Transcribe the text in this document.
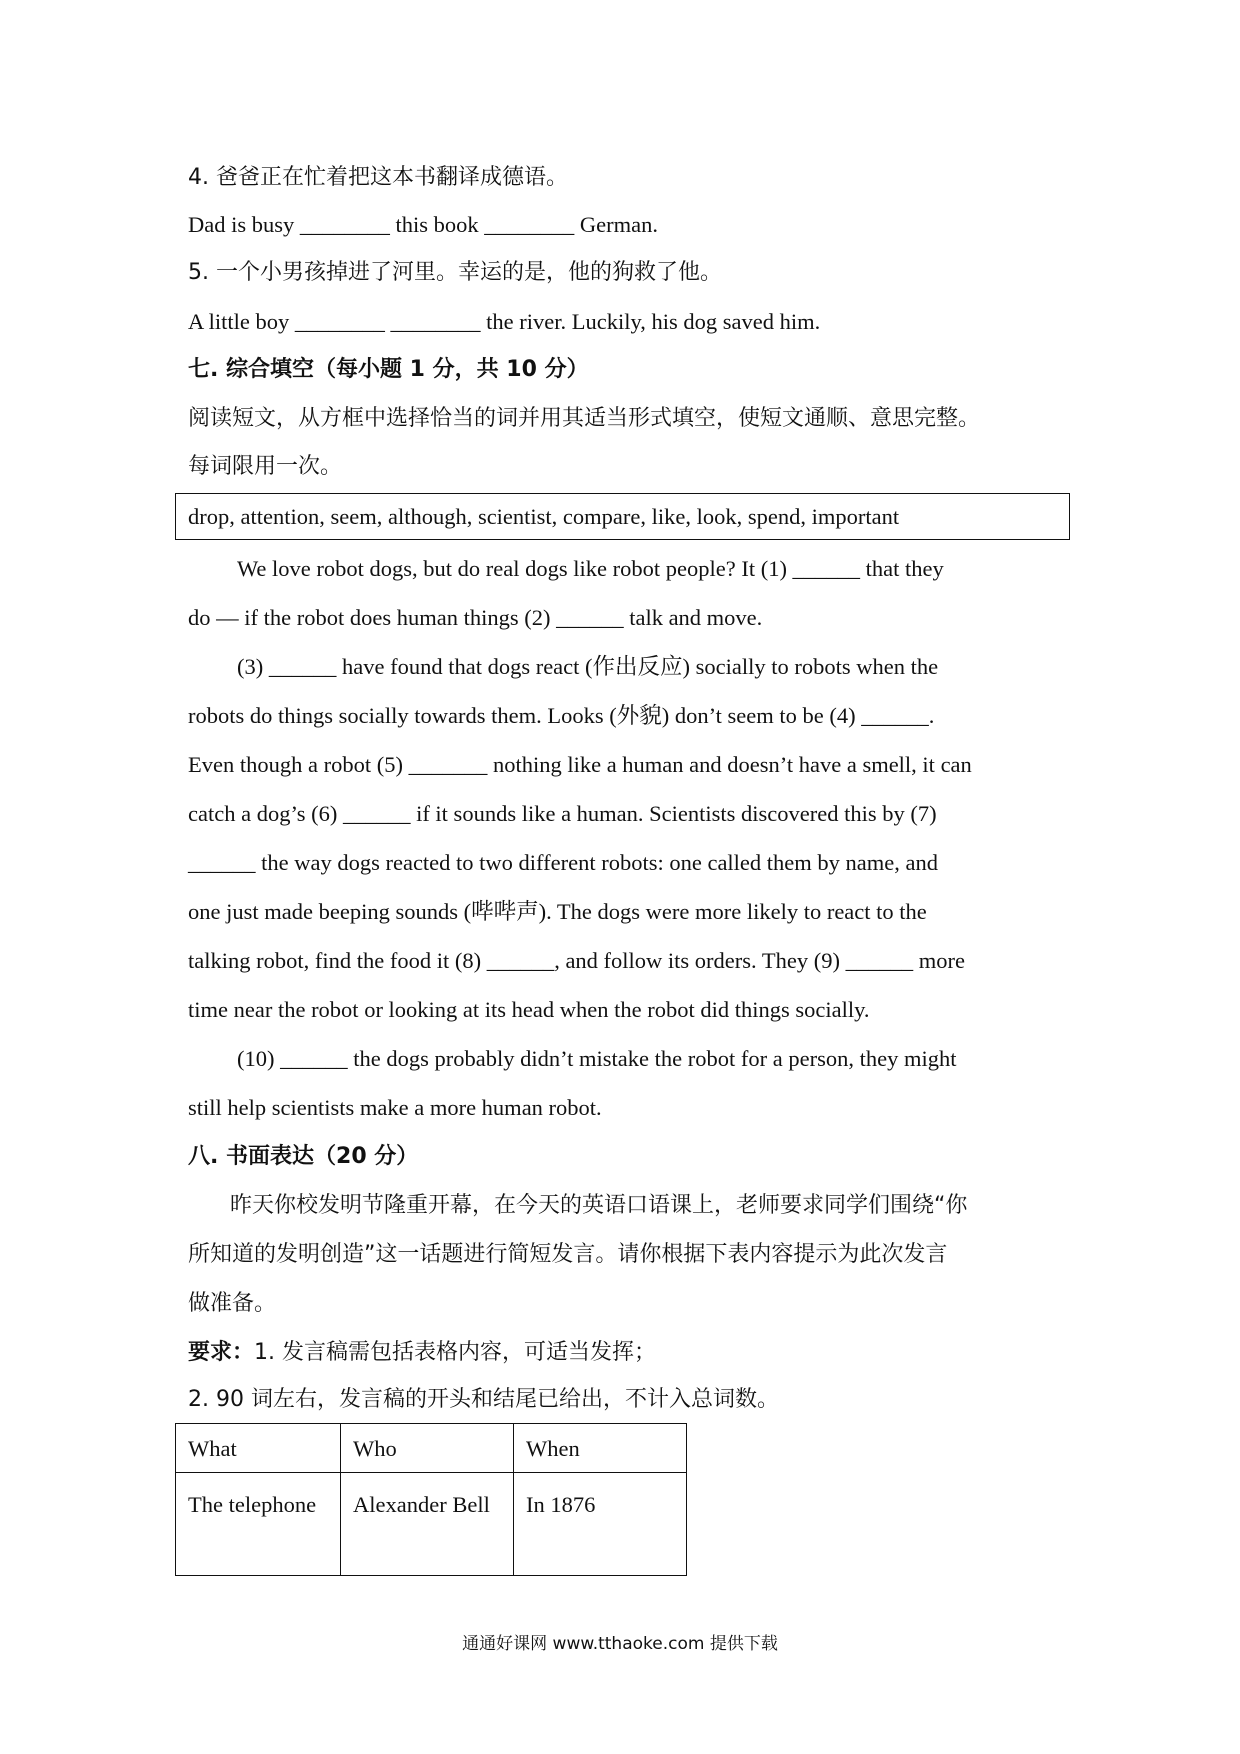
4. 爸爸正在忙着把这本书翻译成德语。
Dad is busy ________ this book ________ German.
5. 一个小男孩掉进了河里。幸运的是，他的狗救了他。
A little boy ________ ________ the river. Luckily, his dog saved him.
七. 综合填空（每小题 1 分，共 10 分）
阅读短文，从方框中选择恰当的词并用其适当形式填空，使短文通顺、意思完整。
每词限用一次。
drop, attention, seem, although, scientist, compare, like, look, spend, important
We love robot dogs, but do real dogs like robot people? It (1) ______ that they
do — if the robot does human things (2) ______ talk and move.
(3) ______ have found that dogs react (作出反应) socially to robots when the
robots do things socially towards them. Looks (外貌) don’t seem to be (4) ______.
Even though a robot (5) _______ nothing like a human and doesn’t have a smell, it can
catch a dog’s (6) ______ if it sounds like a human. Scientists discovered this by (7)
______ the way dogs reacted to two different robots: one called them by name, and
one just made beeping sounds (哔哔声). The dogs were more likely to react to the
talking robot, find the food it (8) ______, and follow its orders. They (9) ______ more
time near the robot or looking at its head when the robot did things socially.
(10) ______ the dogs probably didn’t mistake the robot for a person, they might
still help scientists make a more human robot.
八. 书面表达（20 分）
昨天你校发明节隆重开幕，在今天的英语口语课上，老师要求同学们围绕“你
所知道的发明创造”这一话题进行简短发言。请你根据下表内容提示为此次发言
做准备。
要求：1. 发言稿需包括表格内容，可适当发挥；
2. 90 词左右，发言稿的开头和结尾已给出，不计入总词数。
What	Who	When
The telephone	Alexander Bell	In 1876
通通好课网 www.tthaoke.com 提供下载
